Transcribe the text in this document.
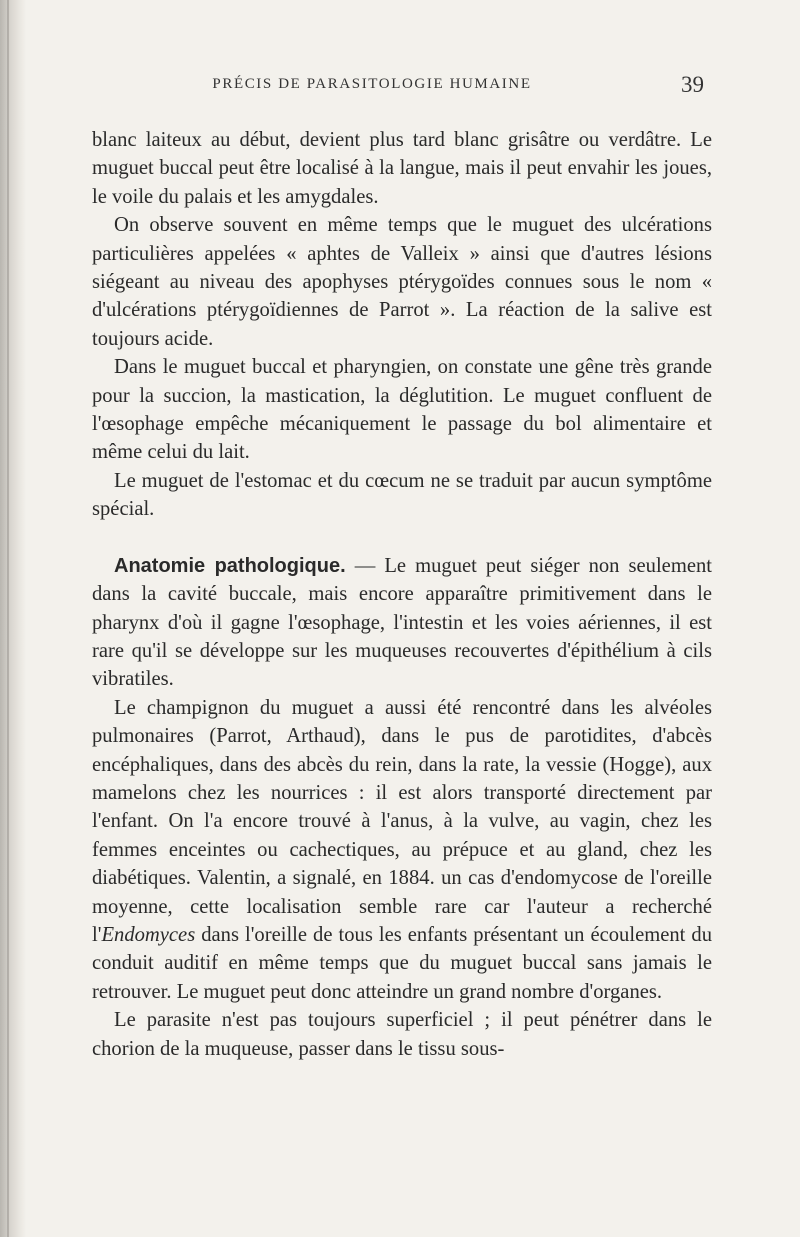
PRÉCIS DE PARASITOLOGIE HUMAINE	39

blanc laiteux au début, devient plus tard blanc grisâtre ou verdâtre. Le muguet buccal peut être localisé à la langue, mais il peut envahir les joues, le voile du palais et les amygdales.

On observe souvent en même temps que le muguet des ulcérations particulières appelées « aphtes de Valleix » ainsi que d'autres lésions siégeant au niveau des apophyses ptérygoïdes connues sous le nom « d'ulcérations ptérygoïdiennes de Parrot ». La réaction de la salive est toujours acide.

Dans le muguet buccal et pharyngien, on constate une gêne très grande pour la succion, la mastication, la déglutition. Le muguet confluent de l'œsophage empêche mécaniquement le passage du bol alimentaire et même celui du lait.

Le muguet de l'estomac et du cœcum ne se traduit par aucun symptôme spécial.

Anatomie pathologique. — Le muguet peut siéger non seulement dans la cavité buccale, mais encore apparaître primitivement dans le pharynx d'où il gagne l'œsophage, l'intestin et les voies aériennes, il est rare qu'il se développe sur les muqueuses recouvertes d'épithélium à cils vibratiles.

Le champignon du muguet a aussi été rencontré dans les alvéoles pulmonaires (Parrot, Arthaud), dans le pus de parotidites, d'abcès encéphaliques, dans des abcès du rein, dans la rate, la vessie (Hogge), aux mamelons chez les nourrices : il est alors transporté directement par l'enfant. On l'a encore trouvé à l'anus, à la vulve, au vagin, chez les femmes enceintes ou cachectiques, au prépuce et au gland, chez les diabétiques. Valentin, a signalé, en 1884. un cas d'endomycose de l'oreille moyenne, cette localisation semble rare car l'auteur a recherché l'Endomyces dans l'oreille de tous les enfants présentant un écoulement du conduit auditif en même temps que du muguet buccal sans jamais le retrouver. Le muguet peut donc atteindre un grand nombre d'organes.

Le parasite n'est pas toujours superficiel ; il peut pénétrer dans le chorion de la muqueuse, passer dans le tissu sous-
